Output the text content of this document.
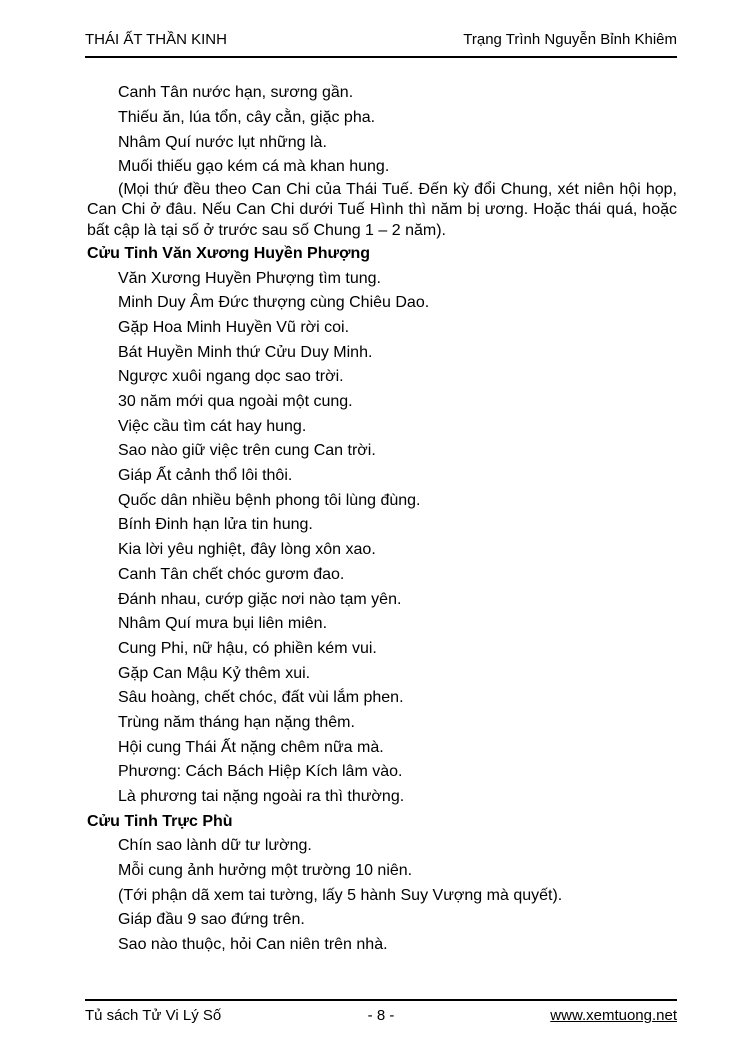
THÁI ẤT THẦN KINH	Trạng Trình Nguyễn Bỉnh Khiêm
Canh Tân nước hạn, sương gần.
Thiếu ăn, lúa tổn, cây cằn, giặc pha.
Nhâm Quí nước lụt những là.
Muối thiếu gạo kém cá mà khan hung.

(Mọi thứ đều theo Can Chi của Thái Tuế. Đến kỳ đổi Chung, xét niên hội họp, Can Chi ở đâu. Nếu Can Chi dưới Tuế Hình thì năm bị ương. Hoặc thái quá, hoặc bất cập là tại số ở trước sau số Chung 1 – 2 năm).

Cửu Tinh Văn Xương Huyền Phượng
Văn Xương Huyền Phượng tìm tung.
Minh Duy Âm Đức thượng cùng Chiêu Dao.
Gặp Hoa Minh Huyền Vũ rời coi.
Bát Huyền Minh thứ Cửu Duy Minh.
Ngược xuôi ngang dọc sao trời.
30 năm mới qua ngoài một cung.
Việc cầu tìm cát hay hung.
Sao nào giữ việc trên cung Can trời.
Giáp Ất cảnh thổ lôi thôi.
Quốc dân nhiều bệnh phong tôi lùng đùng.
Bính Đinh hạn lửa tin hung.
Kia lời yêu nghiệt, đây lòng xôn xao.
Canh Tân chết chóc gươm đao.
Đánh nhau, cướp giặc nơi nào tạm yên.
Nhâm Quí mưa bụi liên miên.
Cung Phi, nữ hậu, có phiền kém vui.
Gặp Can Mậu Kỷ thêm xui.
Sâu hoàng, chết chóc, đất vùi lắm phen.
Trùng năm tháng hạn nặng thêm.
Hội cung Thái Ất nặng chêm nữa mà.
Phương: Cách Bách Hiệp Kích lâm vào.
Là phương tai nặng ngoài ra thì thường.
Cửu Tinh Trực Phù
Chín sao lành dữ tư lường.
Mỗi cung ảnh hưởng một trường 10 niên.
(Tới phận dã xem tai tường, lấy 5 hành Suy Vượng mà quyết).
Giáp đầu 9 sao đứng trên.
Sao nào thuộc, hỏi Can niên trên nhà.
Tủ sách Tử Vi Lý Số	- 8 -	www.xemtuong.net
